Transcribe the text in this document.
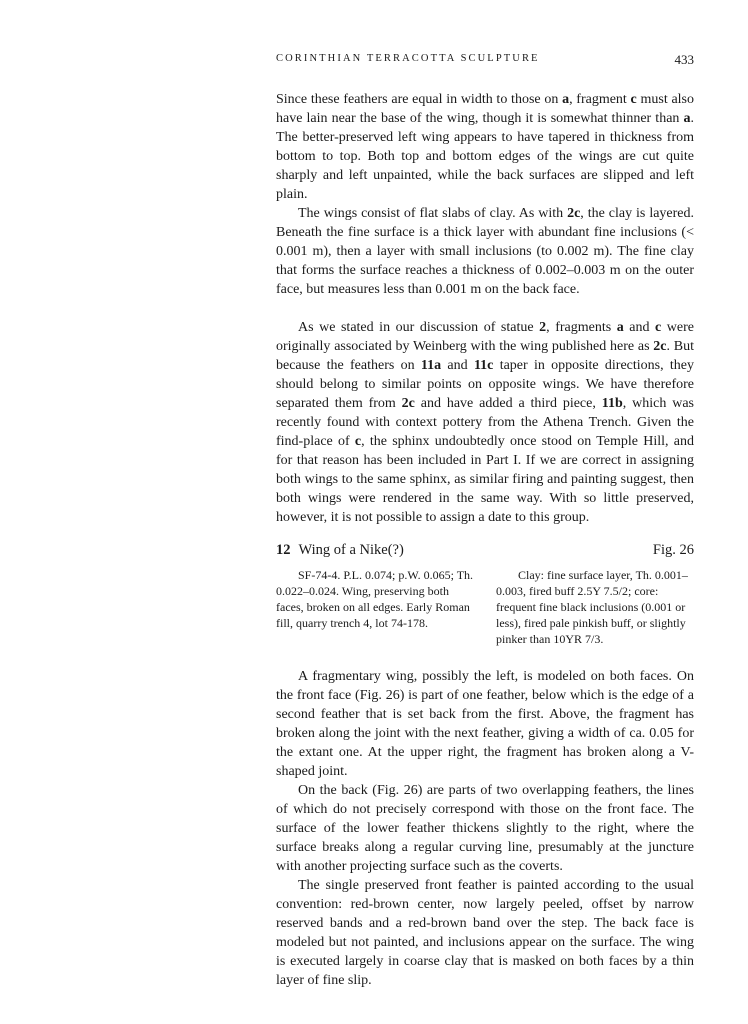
CORINTHIAN TERRACOTTA SCULPTURE	433

Since these feathers are equal in width to those on a, fragment c must also have lain near the base of the wing, though it is somewhat thinner than a. The better-preserved left wing appears to have tapered in thickness from bottom to top. Both top and bottom edges of the wings are cut quite sharply and left unpainted, while the back surfaces are slipped and left plain.

The wings consist of flat slabs of clay. As with 2c, the clay is layered. Beneath the fine surface is a thick layer with abundant fine inclusions (< 0.001 m), then a layer with small inclusions (to 0.002 m). The fine clay that forms the surface reaches a thickness of 0.002–0.003 m on the outer face, but measures less than 0.001 m on the back face.

As we stated in our discussion of statue 2, fragments a and c were originally associated by Weinberg with the wing published here as 2c. But because the feathers on 11a and 11c taper in opposite directions, they should belong to similar points on opposite wings. We have therefore separated them from 2c and have added a third piece, 11b, which was recently found with context pottery from the Athena Trench. Given the find-place of c, the sphinx undoubtedly once stood on Temple Hill, and for that reason has been included in Part I. If we are correct in assigning both wings to the same sphinx, as similar firing and painting suggest, then both wings were rendered in the same way. With so little preserved, however, it is not possible to assign a date to this group.

12 Wing of a Nike(?)	Fig. 26

SF-74-4. P.L. 0.074; p.W. 0.065; Th. 0.022–0.024. Wing, preserving both faces, broken on all edges. Early Roman fill, quarry trench 4, lot 74-178.

Clay: fine surface layer, Th. 0.001–0.003, fired buff 2.5Y 7.5/2; core: frequent fine black inclusions (0.001 or less), fired pale pinkish buff, or slightly pinker than 10YR 7/3.

A fragmentary wing, possibly the left, is modeled on both faces. On the front face (Fig. 26) is part of one feather, below which is the edge of a second feather that is set back from the first. Above, the fragment has broken along the joint with the next feather, giving a width of ca. 0.05 for the extant one. At the upper right, the fragment has broken along a V-shaped joint.

On the back (Fig. 26) are parts of two overlapping feathers, the lines of which do not precisely correspond with those on the front face. The surface of the lower feather thickens slightly to the right, where the surface breaks along a regular curving line, presumably at the juncture with another projecting surface such as the coverts.

The single preserved front feather is painted according to the usual convention: red-brown center, now largely peeled, offset by narrow reserved bands and a red-brown band over the step. The back face is modeled but not painted, and inclusions appear on the surface. The wing is executed largely in coarse clay that is masked on both faces by a thin layer of fine slip.
